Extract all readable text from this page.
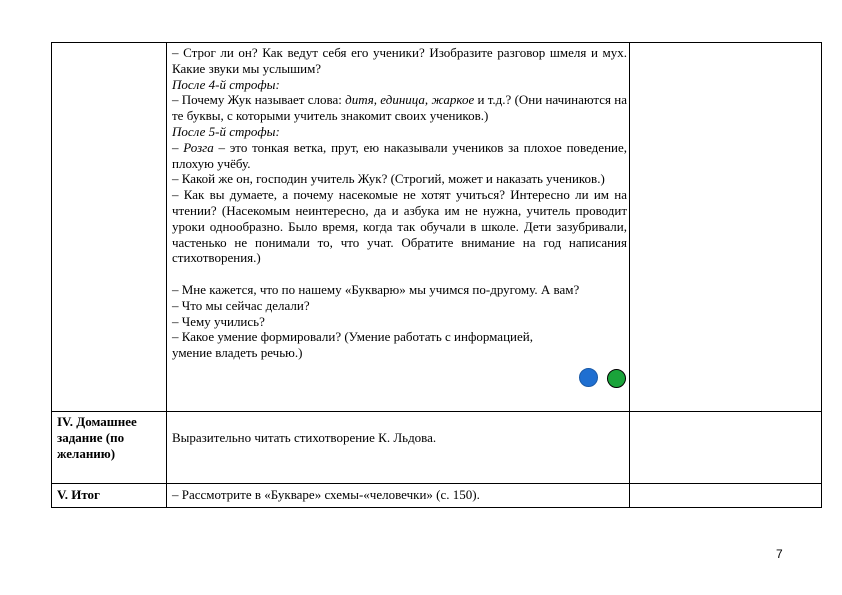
– Строг ли он? Как ведут себя его ученики? Изобразите разговор шмеля и мух. Какие звуки мы услышим?

После 4-й строфы:

– Почему Жук называет слова: дитя, единица, жаркое и т.д.? (Они начинаются на те буквы, с которыми учитель знакомит своих учеников.)

После 5-й строфы:

– Розга – это тонкая ветка, прут, ею наказывали учеников за плохое поведение, плохую учёбу.

– Какой же он, господин учитель Жук? (Строгий, может и наказать учеников.)

– Как вы думаете, а почему насекомые не хотят учиться? Интересно ли им на чтении? (Насекомым неинтересно, да и азбука им не нужна, учитель проводит уроки однообразно. Было время, когда так обучали в школе. Дети зазубривали, частенько не понимали то, что учат. Обратите внимание на год написания стихотворения.)

– Мне кажется, что по нашему «Букварю» мы учимся по-другому. А вам?

– Что мы сейчас делали?

– Чему учились?

– Какое умение формировали? (Умение работать с информацией,

умение владеть речью.)

IV. Домашнее задание (по желанию)
Выразительно читать стихотворение К. Льдова.
V. Итог	– Рассмотрите в «Букваре» схемы-«человечки» (с. 150).
7
